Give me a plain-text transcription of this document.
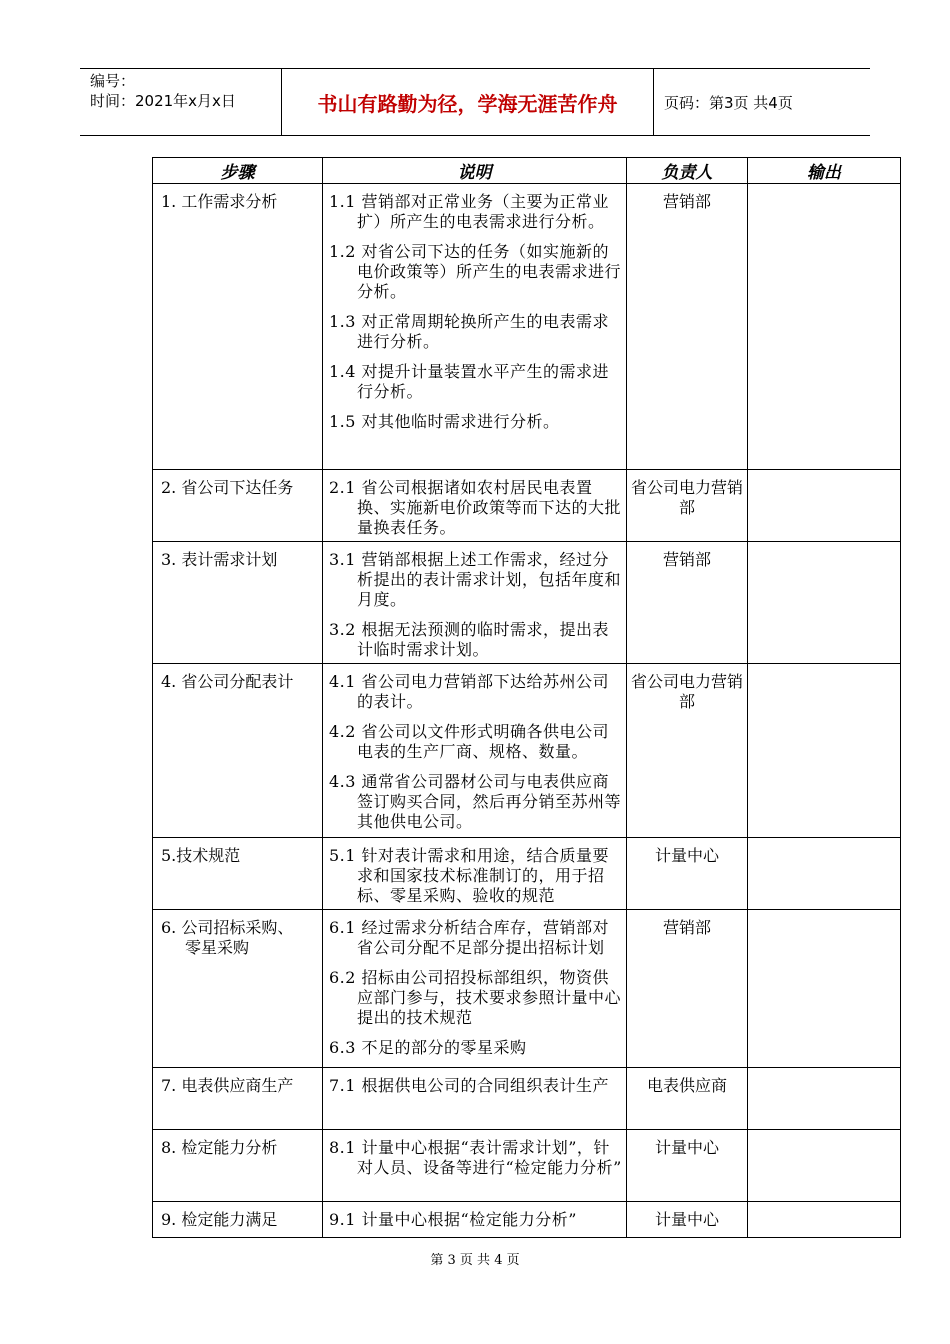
编号：
时间：2021年x月x日	书山有路勤为径，学海无涯苦作舟	页码：第3页 共4页
步骤	说明	负责人	输出
1. 工作需求分析	1.1 营销部对正常业务（主要为正常业扩）所产生的电表需求进行分析。
1.2 对省公司下达的任务（如实施新的电价政策等）所产生的电表需求进行分析。
1.3 对正常周期轮换所产生的电表需求进行分析。
1.4 对提升计量装置水平产生的需求进行分析。
1.5 对其他临时需求进行分析。	营销部	
2. 省公司下达任务	2.1 省公司根据诸如农村居民电表置换、实施新电价政策等而下达的大批量换表任务。	省公司电力营销部	
3. 表计需求计划	3.1 营销部根据上述工作需求，经过分析提出的表计需求计划，包括年度和月度。
3.2 根据无法预测的临时需求，提出表计临时需求计划。	营销部	
4. 省公司分配表计	4.1 省公司电力营销部下达给苏州公司的表计。
4.2 省公司以文件形式明确各供电公司电表的生产厂商、规格、数量。
4.3 通常省公司器材公司与电表供应商签订购买合同，然后再分销至苏州等其他供电公司。	省公司电力营销部	
5.技术规范	5.1 针对表计需求和用途，结合质量要求和国家技术标准制订的，用于招标、零星采购、验收的规范	计量中心	
6. 公司招标采购、
零星采购	6.1 经过需求分析结合库存，营销部对省公司分配不足部分提出招标计划
6.2 招标由公司招投标部组织，物资供应部门参与，技术要求参照计量中心提出的技术规范
6.3 不足的部分的零星采购	营销部	
7. 电表供应商生产	7.1 根据供电公司的合同组织表计生产	电表供应商	
8. 检定能力分析	8.1 计量中心根据“表计需求计划”，针对人员、设备等进行“检定能力分析”	计量中心	
9. 检定能力满足	9.1 计量中心根据“检定能力分析”	计量中心	
第 3 页 共 4 页
